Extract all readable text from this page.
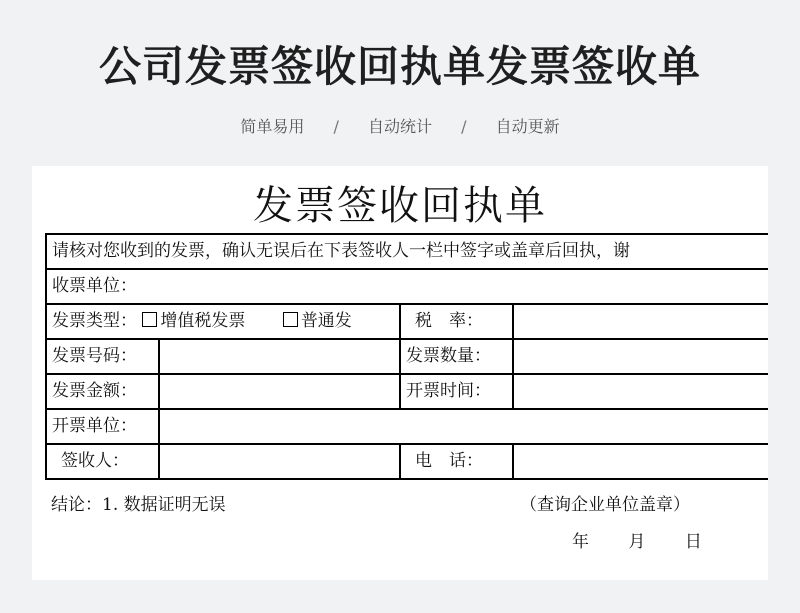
公司发票签收回执单发票签收单
简单易用 / 自动统计 / 自动更新
发票签收回执单
请核对您收到的发票，确认无误后在下表签收人一栏中签字或盖章后回执，谢
收票单位：
发票类型： 增值税发票	普通发	税　率：
发票号码：	发票数量：
发票金额：	开票时间：
开票单位：
签收人：	电　话：
结论：1. 数据证明无误	（查询企业单位盖章）
年 月 日
